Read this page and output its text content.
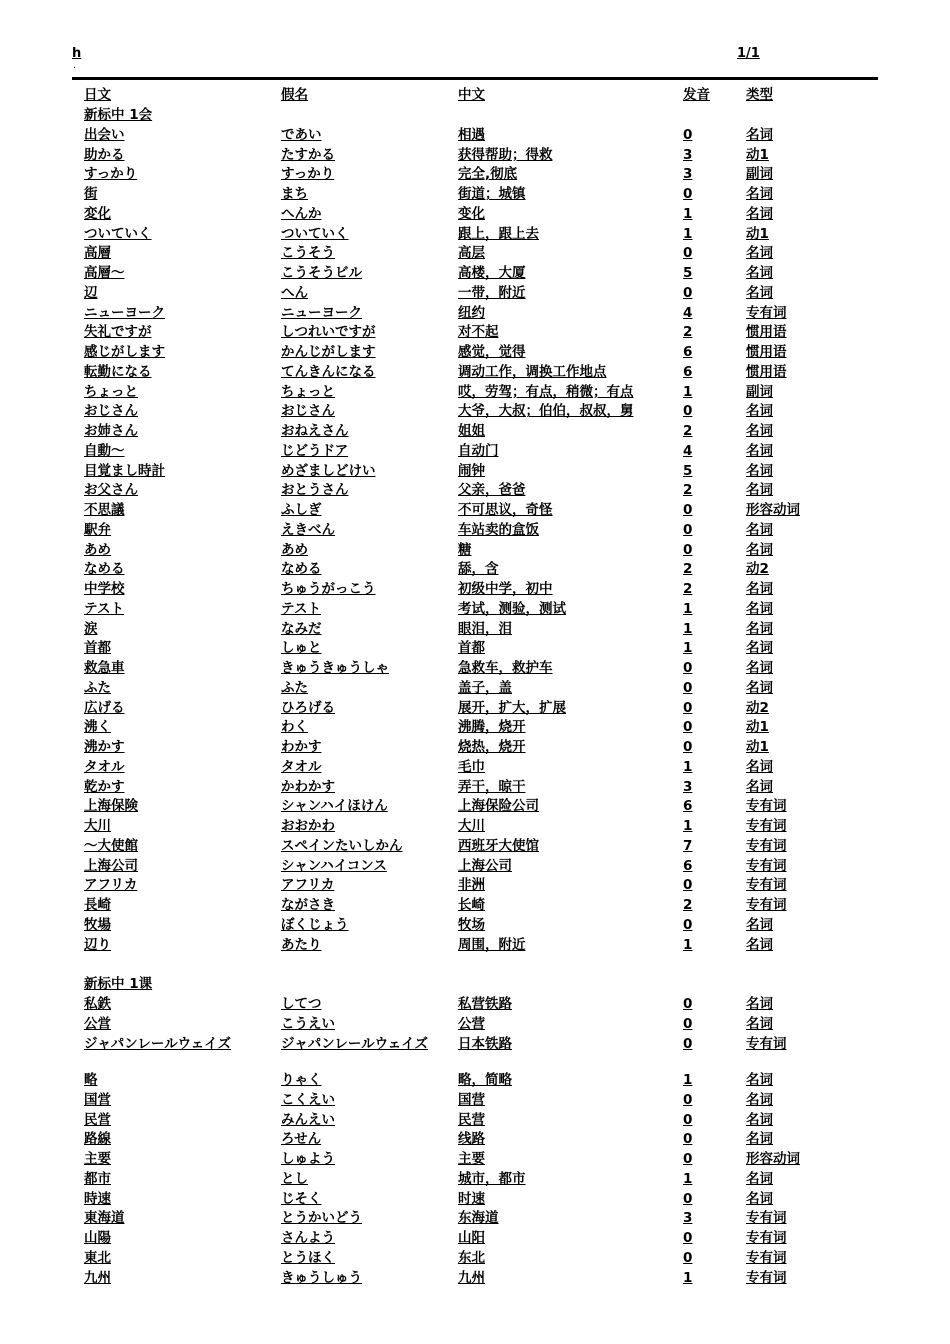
h
.
1/1
日文	假名	中文	发音	类型
新标中 1会
出会い	であい	相遇	0	名词
助かる	たすかる	获得帮助；得救	3	动1
すっかり	すっかり	完全,彻底	3	副词
街	まち	街道；城镇	0	名词
変化	へんか	变化	1	名词
ついていく	ついていく	跟上，跟上去	1	动1
高層	こうそう	高层	0	名词
高層～	こうそうビル	高楼，大厦	5	名词
辺	へん	一带，附近	0	名词
ニューヨーク	ニューヨーク	纽约	4	专有词
失礼ですが	しつれいですが	对不起	2	惯用语
感じがします	かんじがします	感觉，觉得	6	惯用语
転勤になる	てんきんになる	调动工作，调换工作地点	6	惯用语
ちょっと	ちょっと	哎，劳驾；有点，稍微；有点	1	副词
おじさん	おじさん	大爷，大叔；伯伯，叔叔，舅	0	名词
お姉さん	おねえさん	姐姐	2	名词
自動～	じどうドア	自动门	4	名词
目覚まし時計	めざましどけい	闹钟	5	名词
お父さん	おとうさん	父亲，爸爸	2	名词
不思議	ふしぎ	不可思议，奇怪	0	形容动词
駅弁	えきべん	车站卖的盒饭	0	名词
あめ	あめ	糖	0	名词
なめる	なめる	舔，含	2	动2
中学校	ちゅうがっこう	初级中学，初中	2	名词
テスト	テスト	考试，测验，测试	1	名词
涙	なみだ	眼泪，泪	1	名词
首都	しゅと	首都	1	名词
救急車	きゅうきゅうしゃ	急救车，救护车	0	名词
ふた	ふた	盖子，盖	0	名词
広げる	ひろげる	展开，扩大，扩展	0	动2
沸く	わく	沸腾，烧开	0	动1
沸かす	わかす	烧热，烧开	0	动1
タオル	タオル	毛巾	1	名词
乾かす	かわかす	弄干，晾干	3	名词
上海保険	シャンハイほけん	上海保险公司	6	专有词
大川	おおかわ	大川	1	专有词
～大使館	スペインたいしかん	西班牙大使馆	7	专有词
上海公司	シャンハイコンス	上海公司	6	专有词
アフリカ	アフリカ	非洲	0	专有词
長崎	ながさき	长崎	2	专有词
牧場	ぼくじょう	牧场	0	名词
辺り	あたり	周围，附近	1	名词
新标中 1课
私鉄	してつ	私营铁路	0	名词
公営	こうえい	公营	0	名词
ジャパンレールウェイズ	ジャパンレールウェイズ	日本铁路	0	专有词
略	りゃく	略，简略	1	名词
国営	こくえい	国营	0	名词
民営	みんえい	民营	0	名词
路線	ろせん	线路	0	名词
主要	しゅよう	主要	0	形容动词
都市	とし	城市，都市	1	名词
時速	じそく	时速	0	名词
東海道	とうかいどう	东海道	3	专有词
山陽	さんよう	山阳	0	专有词
東北	とうほく	东北	0	专有词
九州	きゅうしゅう	九州	1	专有词
